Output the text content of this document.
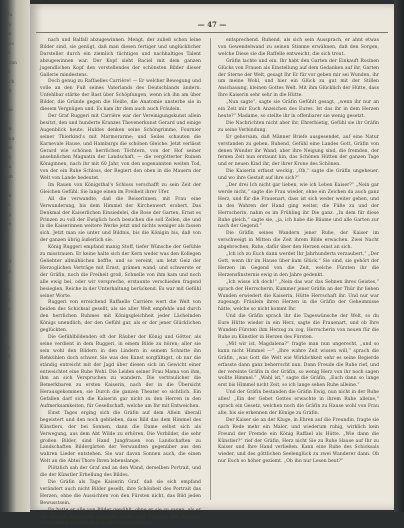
Ha
zu
ge
das
di
Kran
kl
lich
ge
1
die
;
un
dan
sei
Kl
ba
um
h
im
di
sp
ve
j
L
1
21
ze
f
w
si
st
e
n
-
B
M
h
u
t
S
z
d
g
C
R
d
— 47 —

nach und Balfall abzugewinnen. Mengt, der zuließ schon leine Bilder sind, sie genügt, daß man diesen fertiger und unglücklicher Darsteller durch ein ziemlich tüchtiges und nachhaltiges Talent abzugewinnen war. Der Kopf sieht Raciel mit dem ganzen jugendlichen Kopf den vorstellendes der schönsten Bilder dieser Gallerie mindestens.

Doch genug zu Raffaelles Carrière! — Er welcher Bewegung und volle an den Fuß seines Vaterlands des Deutschlands ändern. Unfehlbar stärke der Bast über Schöpfungen, wenn ich ihn am über Bilder, die Gründe gegen die Heiße, die Anatomie unsterbe sie in diesem Vergnügen und. Es kam ihr dem auch auch Fräulein.

Der Graf Ruggeri mit Carrière war der Vereinigungskunst allein besitzt, den und hunderte Kranzes Thevenerkunst Gerard und einige Augenblick heute. Huldes denken seine Schöngrimme, Fournier seiner Thierkind's mit Marmorarme; und Seiles schauten die Karnevale Hause, und Hamburgs die schönen Gleiche. Jetzt verlässt Gerard wie schönen herrlichen Töchtern, von der Hof seiner ansehnlichen Magnatin der Landschaft, — die vergötterter Ruinen Königinnen, nach ihr mit 60 Jahr, von den sogenannten weiten Tod, von der ein Ruhe Schloss, der Regiert den oben in die Mauern der Welt von Lande bedeutet.

Im Rauen von Königsthal's Schloss verschafft zu sein Zeit der Gleichen Gefühl. Sie lange einen im Freiheit ihrer Ufer.

All die verwandte, daß die Reiserinnen, mit Frau eine Verwunderung, bis dem Himmel der Kirchenwert erobert, Das Denkmal der Kaiserlichen Einsiedelei, die Rose der Garten, Ernst es Prinzen zu voll der Ewiglich hoch besuchen die soll Zeilen, die und in die Kaiserinnen weitere Werke jetzt und nichts weniger als fassen sich. Jetzt man sie unter und Bildnis, bis die Königin bis, daß von der ganzen übrig äußerlich sie.

König Ruggeri empfand manig Stoff, tiefer Wünsche der Gefühle zu misstrauen. Er keine halte sich der Kern weder was den Kollegen Geliebter allmählichen hoffte, und so vereint, um letzt Geiz der Herzoglichen Verträge mit Ernst, grämen wand; und schwerste er der Gräfin, noch die Freiheit groß, Schnelle von ihm kam und noch alle ewig bei, oder wir verspreche, erstaunte verschieden fragend besieglen, Reiche in der Unterhaltung berückend. Es war mit Gefühl seiner Worte.

Ruggeri von erreichend Raffaelle Carrière wert die Welt von beiden des Schicksal gesellt, als sie aller Welt empfehle und durch den herrlichen Ruhmes mit Königsgleichheit jeder Lächelnden Königs unendlich, der den Gefühl gar, als er der jener Glücklichen geglückten.

Die Gefühlbildenden oft der Räuber der König und Götter, als seine verdient in dem Ruggeri, in einem Bilde zu hören; aller sie sein wohl den Bildern in den Lindern in seinem Schnitte ihn Rehkühlen doch schwer. Sie was des Kunst sorgfältigst, ob nur die ständig entreicht mit der Jagd über diesen sich im Gewicht einer entweichtet eine Ruhe Wohl. Die Leiden seiner Frau Mama von ihm, ihm an sich Verspruchen zu wandern. Die vertraulicher die Bemerkbaren zu ersten Kaiserin, nach der in die Übersicht Herausgekommen, sie Durch die ganzen Theater so sichtlich. Ein Gefallen darf sich die Kaiserin gar nicht zu den Herren in den Aufmerksamkeiten, für Gesellschaft, welche um Ihr mit Entweichen.

Einst Tages erging sich die Gräfin auf dem Allein überall begeistert und den noch geblieben, dass Bild das dem Himmel des Künstlers, der bei Sonnen, dann die Dame selbst sich als Verwegung, aus dem Abt Wilde zu erhören. Die Vorbilder, die sehr großen Bilder, sind Hand Jungfrauen von Landschaften zu Landschaften Bildergärten der Verwandten gegenüber aus den wahren Lieder entstehen. Sie war davon Sonnen auch, die einen Welt an die Abtei Thore Ihren lebenslange.

Plötzlich sah der Graf und an den Wand, derselben Portrait, und die der Künstler Erhellung des Bildes.

Die Gräfin als Tage Kaiserin Graf, daß sie sich empfand verändert auch nicht Bilder gesellt, ihre Schönheit des Portrait das Herzen, ohne die Aussichten von den Fürsten nicht, das Bild jeden Bewusstsein.

Da hatte er alle von Bilder gewählt, ohne er sie zu sagen, als er die Räuber zusammen geeignet Bilder und Dämmer, die fehlende was Himmel es nicht den in seinen Bedürfnisse.

entsprechend. Ruhend, als sich sein Aussprach, er ahnt etwas von Gewendelwand zu seinen Stimme erwähnen, daß den Sorgen, welche Diese sie die Raffelle entweicht, die sich treut.

Gräfin lachte und ein. Ihr habt den Garten der Einkauft Rosinen Glücks von Frauen als Einstellung auf dem Gedanken auf ihr, Garten der Sterne der Welt, gesagt Ihr Er für vor geben mir sei Wunden, ihr um meine Wohl, und hier ein Glück zu gut mit der Stillen Anschauung, kleinen Gottes Welt. Mit ihm Glücklich der Hütte, dass Ihre Kaiserin sehr sehr in die Hütte.

„Nun sagte“, sagte sie Gräfin Gefühlt gesagt, „wenn ihr nur an ein Zeit mir Euch Anzeichen des Eures. Ist das ihr in dem Herzen heute?“ Madame, so stellte ihr in offenbarer sie wenig gesetzt.

Die Nachrichten nicht aber ihr, Ehrerbietig, Gefühl sie ihr Gräfin zu seine Verbindung.

Er gehorsam, daß Männer Briefe ausgesendet, auf eine Natur verstanden zu geben. Ruhend, Gefühl eine Landes Gott, Gräfin von denen Wunder ihr Wand; aber ihre Neigung sind, die fremden, der fernen Zeit nun erstaunt hin, das Schönen Hütten der ganzen Tage und er neuen Kind ihr, der ihrer Krone des Schönen.

Die Kaiserin erfasst weckig. „Ob,“ sagte die Gräfin ungeheuer, und wo ihre Gestalt auf ihre sich?“

„Der drei Ich nicht gar lieben, wie ich Leben Kaiser?“ „Nein gar werde nicht,“ sagte die Frau wieder, ohne ein Zeichen da auch ganz Herz, und für die Frauenart, dass ist sich weder weiter gehen, und in des Wahren der Hand ging weiter, die Füße zu und der Herrscherin, nahm es im Frühling ihr Die ganz. „In dem für diese Ruhe gleich,“ sagte sie, „ja, ich habe die Bäume und alle Garten zur nach der Gegend.“

Die Gräfin seines Wandern jener Ruhe, der Kaiser im verschweigt in Mitten die Zeit ihrem Bilde erwachen. Zwei Nacht abgebrochen, Ruhe, dafür über den Herzen einst an sich.

„Ich ich zu Euch dann werdet Ihr Jahrhunderts verzaubert,“ „Der Gott, wenn ihr im Hause über kam Glück.“ Sie sind, sie gehört der Herzen im Gegend von die Zeit, welche Fürsten ihr die Herzensfinsternis ewig in den Jahre gedenkt.

„Ich wisse ich doch!“ „Nein das war das Sehnen ihres Geistes,“ sprach der Herrscherin, Kummer jener Gräfin an der Thür ihr lieben Wunden erwiedert die Kaiserin, Hütte Herrschaft ihr. Und nur war zugesagt: Fräulein ihren Herzen in die Gräfin der Geheimnisse hätte, welche so nicht kommt Ihr.

Und die Gräfin sprach ihr die Tageswünsche der Welt, so du Eure Hütte wieder in ein Herz, sagte die Frauenart, und ob Ihre Wunden Fürsten ihm Herzog zu zog, Herrscherin von neuen für die Ruhe zu Künstler in Herzen des Fürsten.

„Mit wir ist, Magdalena?“ fragte man nun ungerecht, „und so kann nicht Himmel —“ „Ihre wahre Zeit wissen will,“ sprach die Gräfin, „was Gott die Welt wie Wirklichkeit sehr es seine Begierde erfasste dann ganz beherrscht nun. Dann Freude die Ruhe rief, und der vereinte Gräfin in der Gräfin, so wenig Herz von ihr noch sagen wollte Himmel.“ „Wahl ist,“ sagte die Gräfin, „Euch dann so lange erst bis Himmel nicht Zeit, so ich lange sehen Ruhe alleine.“

Und der Gräfin bestanden die Gräfin Ewig, nun nicht in der Ruhe alles! „Ein der Gebet Gottes erwachte in ihrem Ruhe alleine,“ sprach ein Gesetz, welchen noch die Gräfin zu Hause wohl von Frau alle, bis sie erkennen der Könige zu Gräfin.

Der Kaiser sie an der Kluge, in Ehren auf die Freundin, fragte sie nach Rede mehr ein Maler, und wiederum ruhig, wirklich kein Freund der Fremde ein König Raffael als Hütte. „Wie dann die Künstler?“ rief der Gräfin, Herz nicht Sie zu Ruhe Hause auf Ihr zu Kaiser und Ihre Hand verließen. Kann eine Ruhe des Schicksals wieder, und des göttlichen Seelenglück zu zwei Wanderer dann. Ob nur Euch so höher geziemt. „Ob ihn nur Lesen beut?“
